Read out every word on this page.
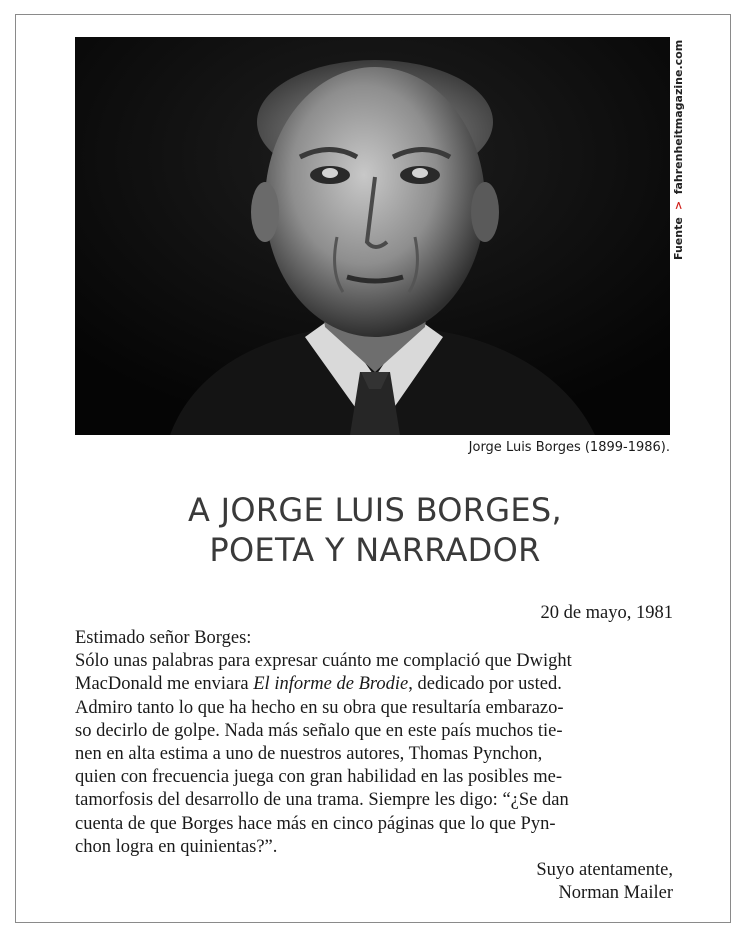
Fuente > fahrenheitmagazine.com
Jorge Luis Borges (1899-1986).
A JORGE LUIS BORGES,
POETA Y NARRADOR
20 de mayo, 1981
Estimado señor Borges:
Sólo unas palabras para expresar cuánto me complació que Dwight
MacDonald me enviara El informe de Brodie, dedicado por usted.
Admiro tanto lo que ha hecho en su obra que resultaría embarazo-
so decirlo de golpe. Nada más señalo que en este país muchos tie-
nen en alta estima a uno de nuestros autores, Thomas Pynchon,
quien con frecuencia juega con gran habilidad en las posibles me-
tamorfosis del desarrollo de una trama. Siempre les digo: “¿Se dan
cuenta de que Borges hace más en cinco páginas que lo que Pyn-
chon logra en quinientas?”.
Suyo atentamente,
Norman Mailer
